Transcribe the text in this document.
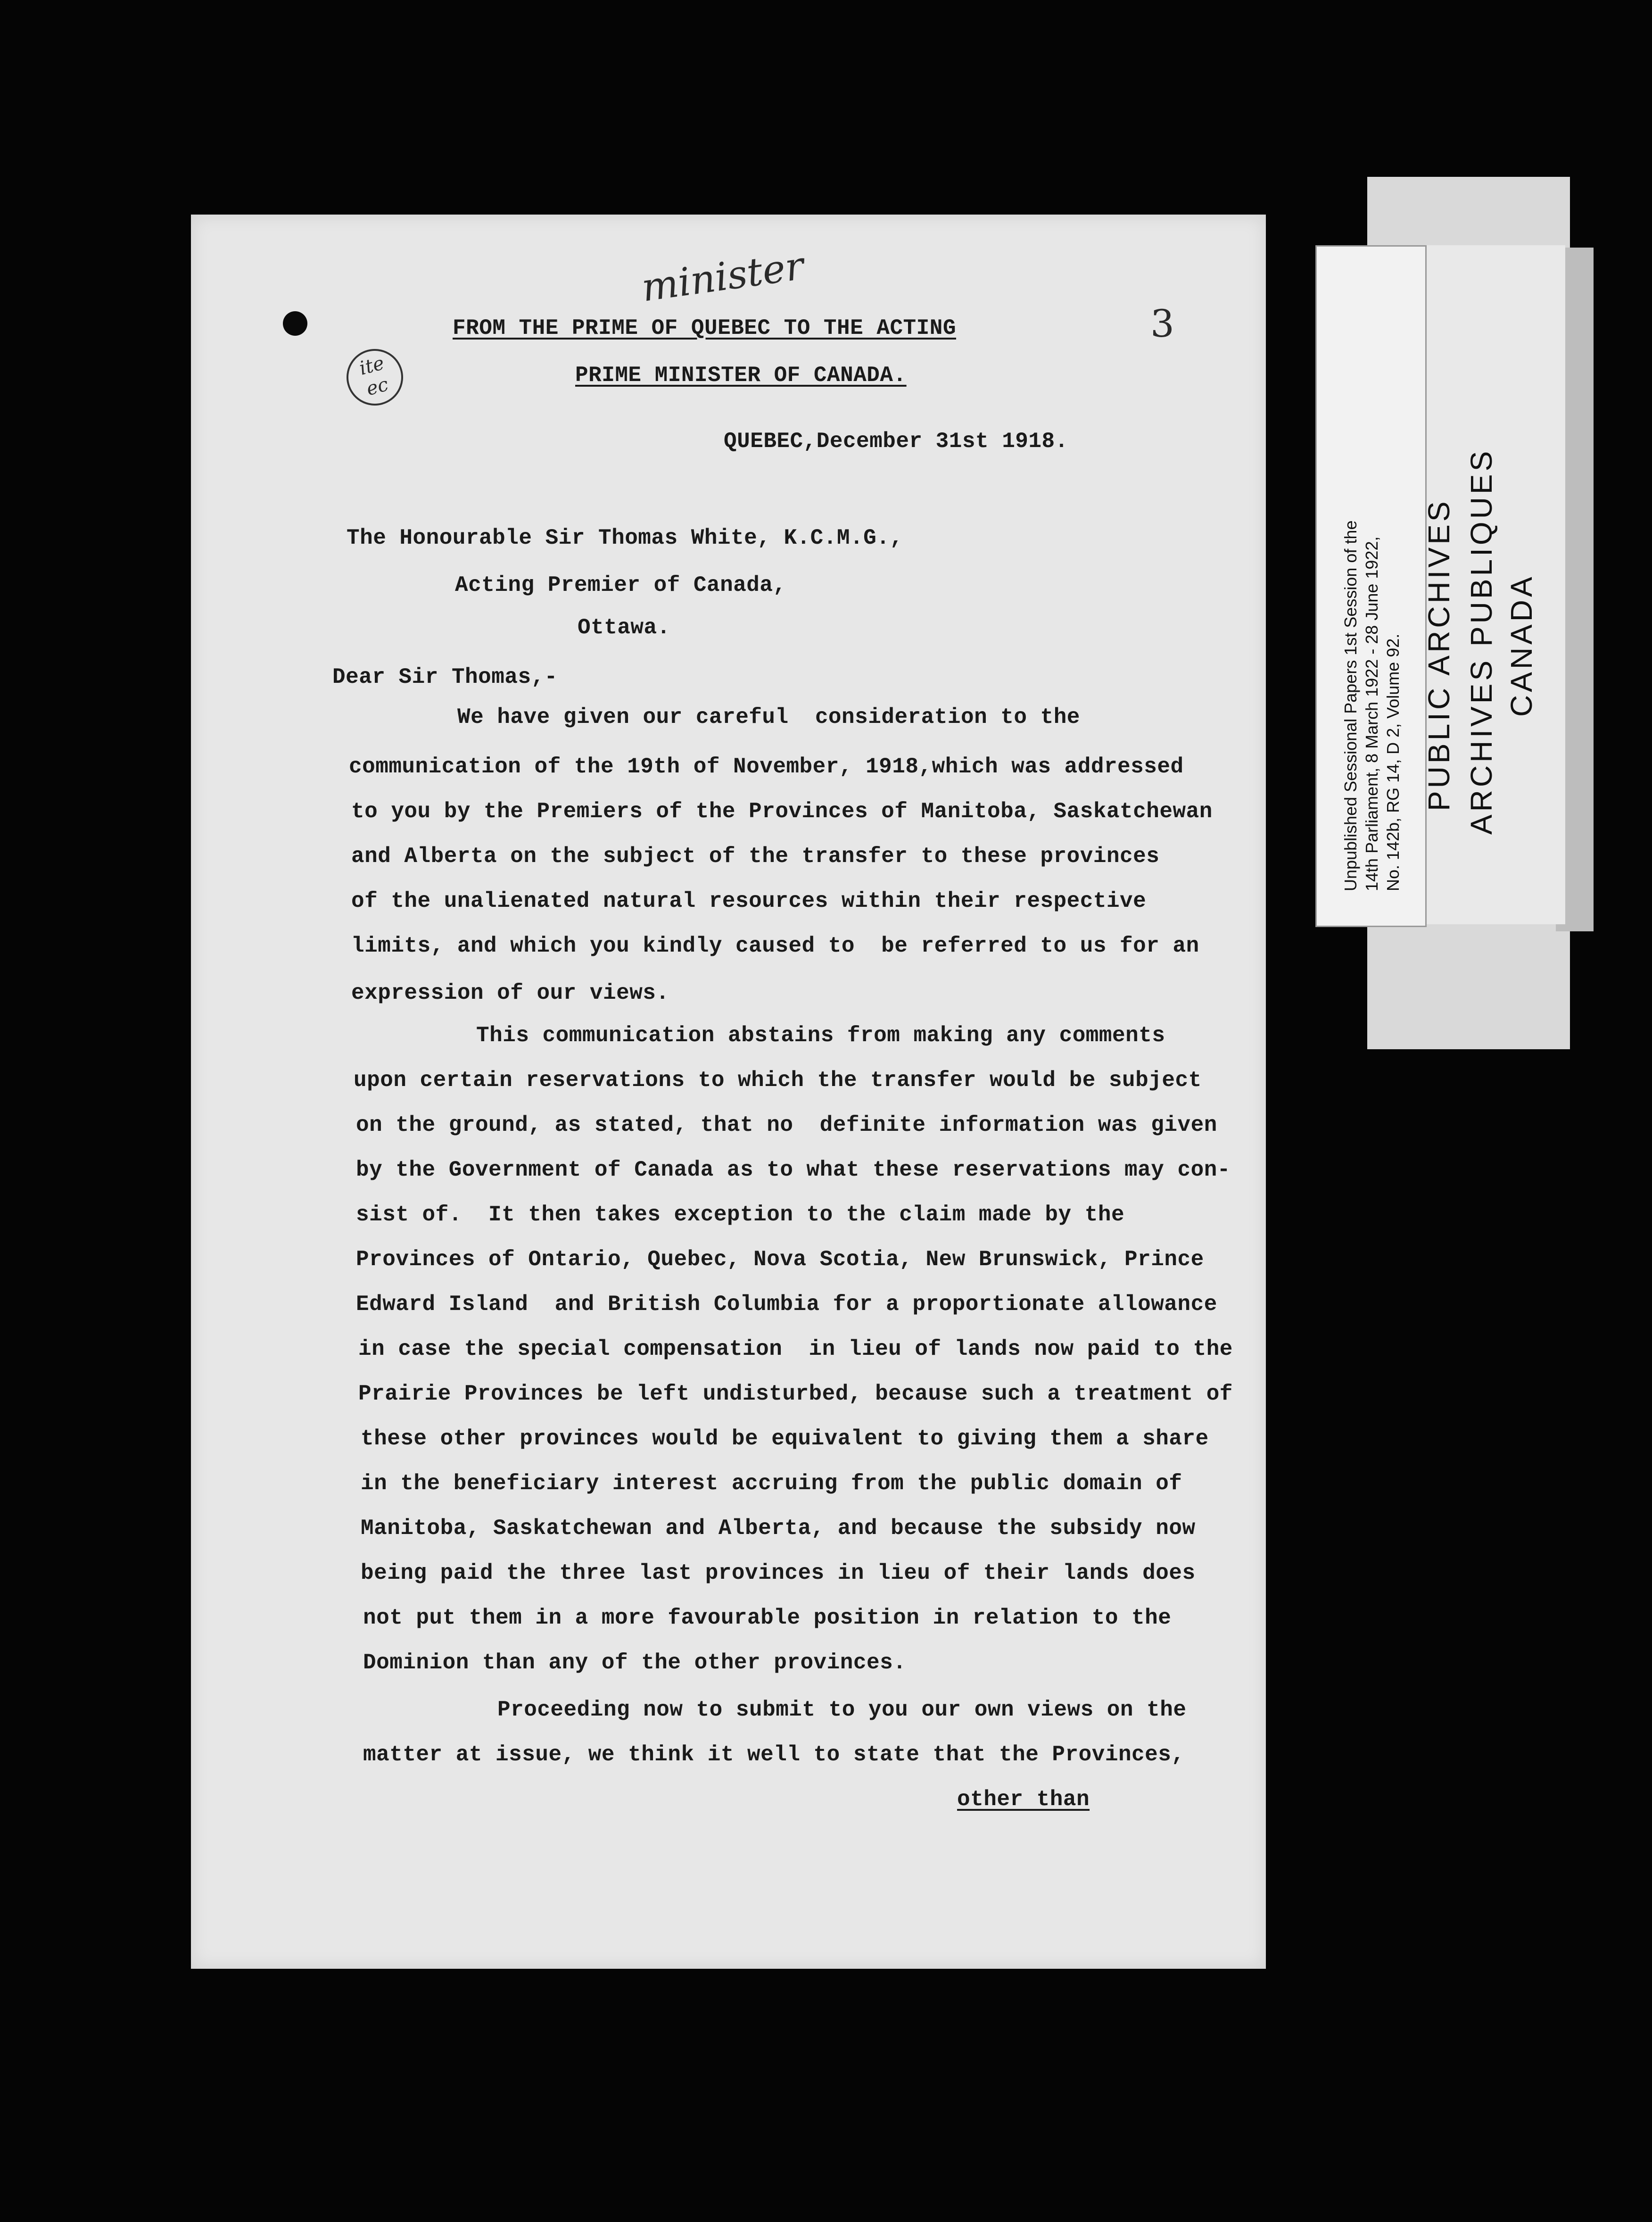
ite
ec
minister
3
FROM THE PRIME OF QUEBEC TO THE ACTING
PRIME MINISTER OF CANADA.
QUEBEC,December 31st 1918.
The Honourable Sir Thomas White, K.C.M.G.,
Acting Premier of Canada,
Ottawa.
Dear Sir Thomas,-
We have given our careful  consideration to the
communication of the 19th of November, 1918,which was addressed
to you by the Premiers of the Provinces of Manitoba, Saskatchewan
and Alberta on the subject of the transfer to these provinces
of the unalienated natural resources within their respective
limits, and which you kindly caused to  be referred to us for an
expression of our views.
This communication abstains from making any comments
upon certain reservations to which the transfer would be subject
on the ground, as stated, that no  definite information was given
by the Government of Canada as to what these reservations may con-
sist of.  It then takes exception to the claim made by the
Provinces of Ontario, Quebec, Nova Scotia, New Brunswick, Prince
Edward Island  and British Columbia for a proportionate allowance
in case the special compensation  in lieu of lands now paid to the
Prairie Provinces be left undisturbed, because such a treatment of
these other provinces would be equivalent to giving them a share
in the beneficiary interest accruing from the public domain of
Manitoba, Saskatchewan and Alberta, and because the subsidy now
being paid the three last provinces in lieu of their lands does
not put them in a more favourable position in relation to the
Dominion than any of the other provinces.
Proceeding now to submit to you our own views on the
matter at issue, we think it well to state that the Provinces,
other than
PUBLIC ARCHIVES ARCHIVES PUBLIQUES CANADA
Unpublished Sessional Papers 1st Session of the 14th Parliament, 8 March 1922 - 28 June 1922, No. 142b, RG 14, D 2, Volume 92.
